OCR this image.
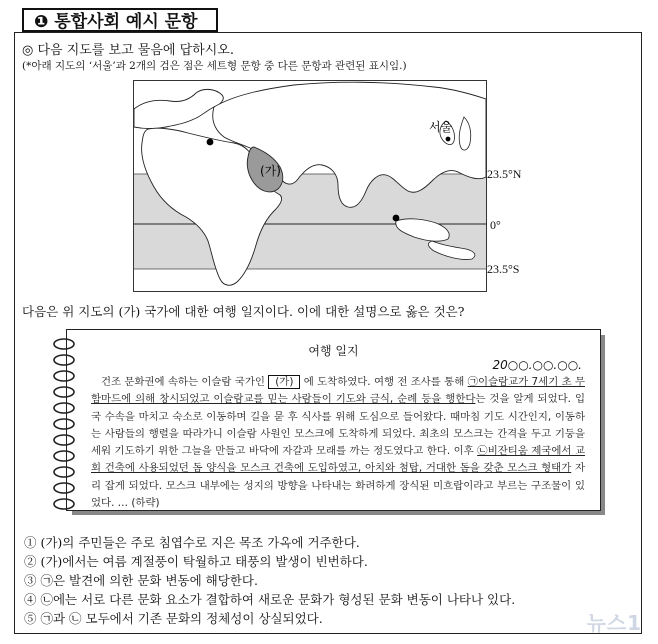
❶ 통합사회 예시 문항
◎ 다음 지도를 보고 물음에 답하시오.
(*아래 지도의 ‘서울’과 2개의 검은 점은 세트형 문항 중 다른 문항과 관련된 표시임.)
서울
(가)	23.5°N
0°
23.5°S
다음은 위 지도의 (가) 국가에 대한 여행 일지이다. 이에 대한 설명으로 옳은 것은?
여행 일지
20○○.○○.○○.
건조 문화권에 속하는 이슬람 국가인 (가) 에 도착하였다. 여행 전 조사를 통해 ㉠이슬람교가 7세기 초 무함마드에 의해 창시되었고 이슬람교를 믿는 사람들이 기도와 금식, 순례 등을 행한다는 것을 알게 되었다. 입국 수속을 마치고 숙소로 이동하며 길을 묻 후 식사를 위해 도심으로 들어왔다. 때마침 기도 시간인지, 이동하는 사람들의 행렬을 따라가니 이슬람 사원인 모스크에 도착하게 되었다. 최초의 모스크는 간격을 두고 기둥을 세워 기도하기 위한 그늘을 만들고 바닥에 자갈과 모래를 까는 정도였다고 한다. 이후 ㉡비잔티움 제국에서 교회 건축에 사용되었던 돔 양식을 모스크 건축에 도입하였고, 아치와 첨탑, 거대한 돔을 갖춘 모스크 형태가 자리 잡게 되었다. 모스크 내부에는 성지의 방향을 나타내는 화려하게 장식된 미흐랍이라고 부르는 구조물이 있었다. … (하략)
① (가)의 주민들은 주로 침엽수로 지은 목조 가옥에 거주한다.
② (가)에서는 여름 계절풍이 탁월하고 태풍의 발생이 빈번하다.
③ ㉠은 발견에 의한 문화 변동에 해당한다.
④ ㉡에는 서로 다른 문화 요소가 결합하여 새로운 문화가 형성된 문화 변동이 나타나 있다.
⑤ ㉠과 ㉡ 모두에서 기존 문화의 정체성이 상실되었다.	뉴스1
